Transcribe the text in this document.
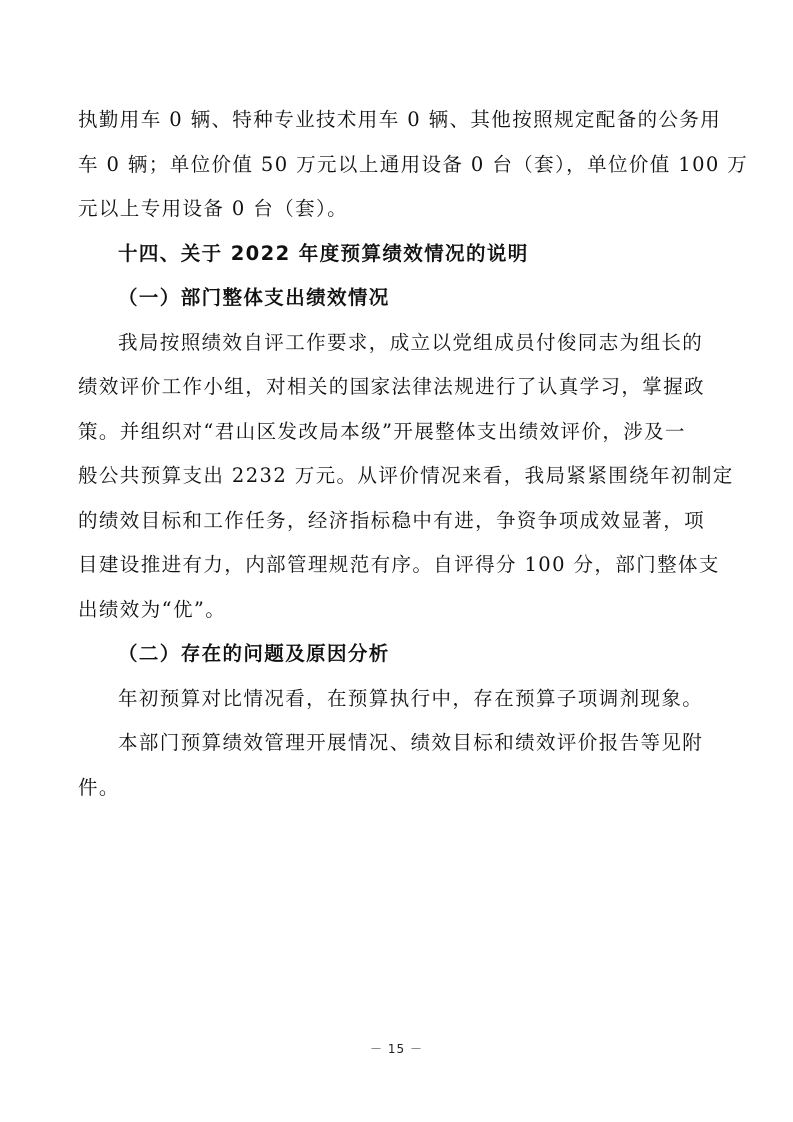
执勤用车 0 辆、特种专业技术用车 0 辆、其他按照规定配备的公务用
车 0 辆；单位价值 50 万元以上通用设备 0 台（套），单位价值 100 万
元以上专用设备 0 台（套）。
十四、关于 2022 年度预算绩效情况的说明
（一）部门整体支出绩效情况
我局按照绩效自评工作要求，成立以党组成员付俊同志为组长的
绩效评价工作小组，对相关的国家法律法规进行了认真学习，掌握政
策。并组织对“君山区发改局本级”开展整体支出绩效评价，涉及一
般公共预算支出 2232 万元。从评价情况来看，我局紧紧围绕年初制定
的绩效目标和工作任务，经济指标稳中有进，争资争项成效显著，项
目建设推进有力，内部管理规范有序。自评得分 100 分，部门整体支
出绩效为“优”。
（二）存在的问题及原因分析
年初预算对比情况看，在预算执行中，存在预算子项调剂现象。
本部门预算绩效管理开展情况、绩效目标和绩效评价报告等见附
件。
－ 15 －
